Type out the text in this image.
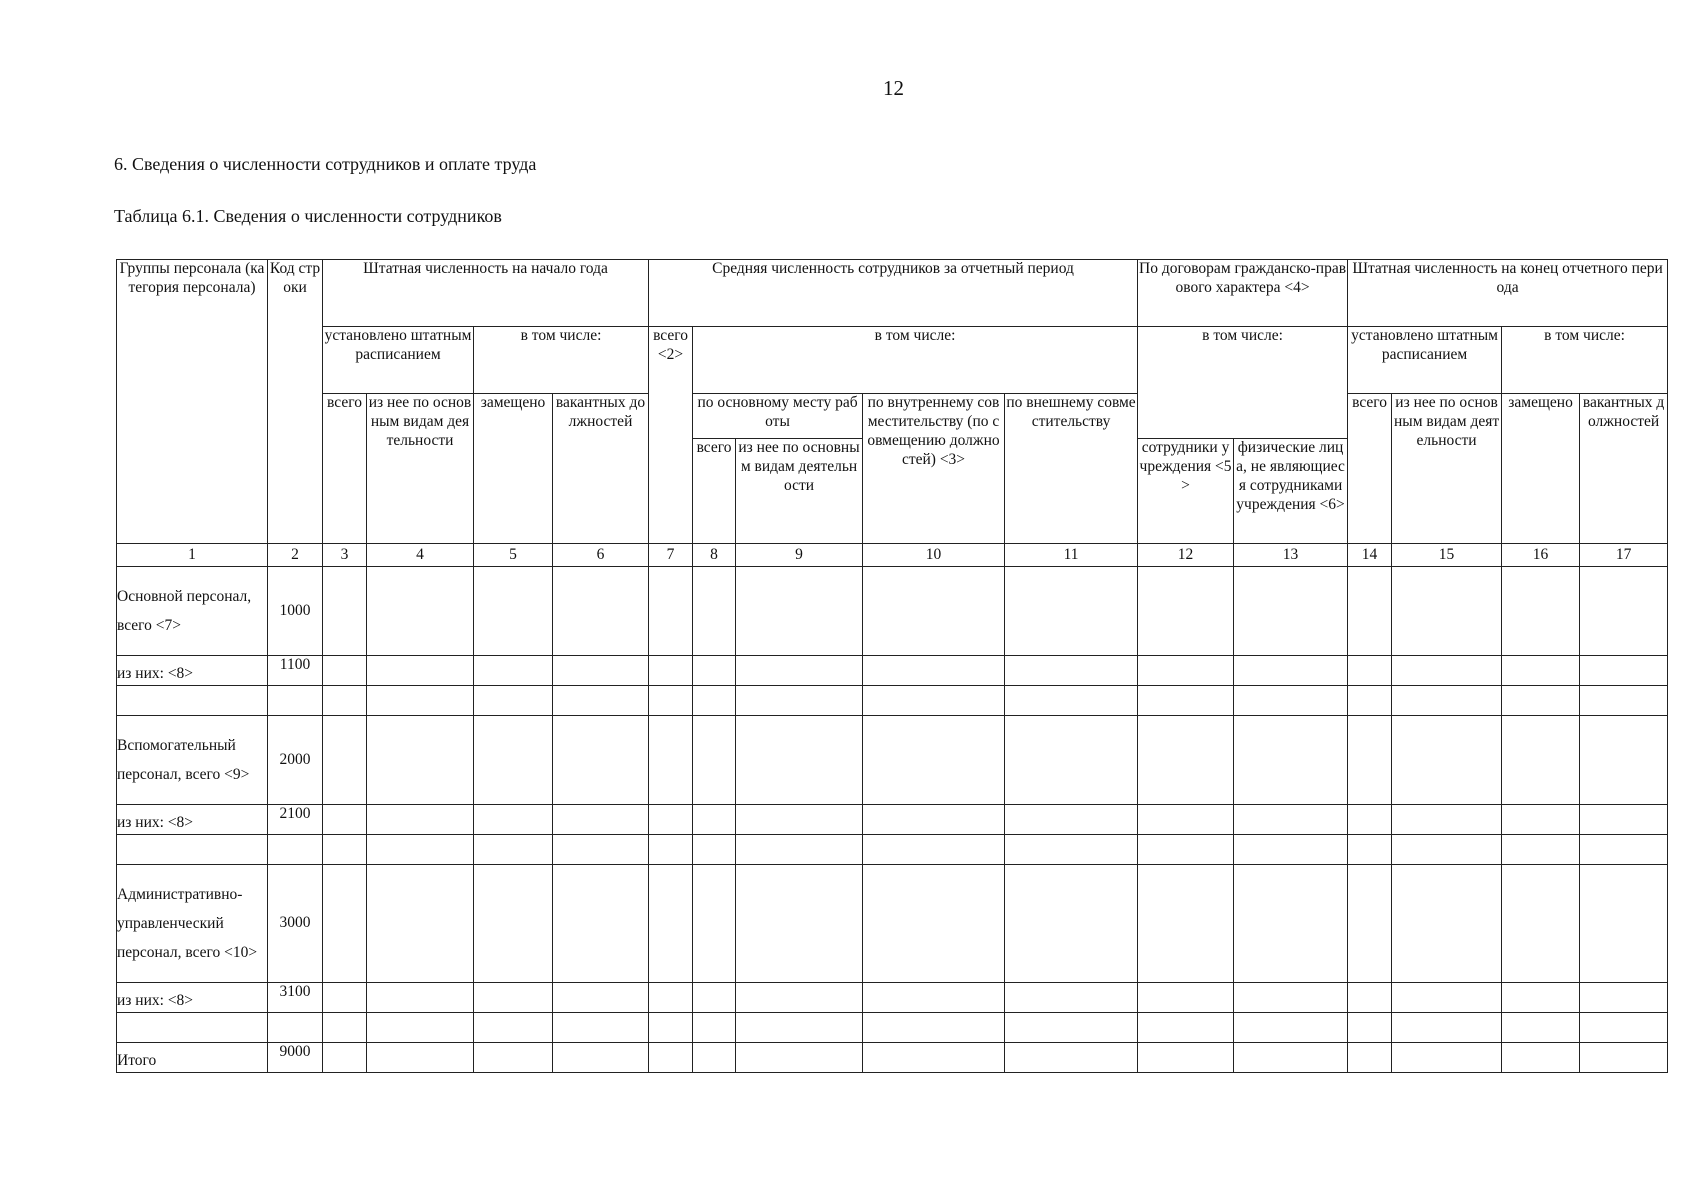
12
6. Сведения о численности сотрудников и оплате труда
Таблица 6.1. Сведения о численности сотрудников
Группы персонала (категория персонала)	Код строки	Штатная численность на начало года				Средняя численность сотрудников за отчетный период					По договорам гражданско-правового характера <4>		Штатная численность на конец отчетного периода			
		установлено штатным расписанием		в том числе:		всего <2>	в том числе:				в том числе:		установлено штатным расписанием		в том числе:	
		всего	из нее по основным видам деятельности	замещено	вакантных должностей		по основному месту работы		по внутреннему совместительству (по совмещению должностей) <3>	по внешнему совместительству			всего	из нее по основным видам деятельности	замещено	вакантных должностей
							всего	из нее по основным видам деятельности			сотрудники учреждения <5>	физические лица, не являющиеся сотрудниками учреждения <6>				
1	2	3	4	5	6	7	8	9	10	11	12	13	14	15	16	17
Основной персонал, всего <7>	1000															
из них: <8>	1100															

Вспомогательный персонал, всего <9>	2000															
из них: <8>	2100															

Административно-управленческий персонал, всего <10>	3000															
из них: <8>	3100															

Итого	9000															
